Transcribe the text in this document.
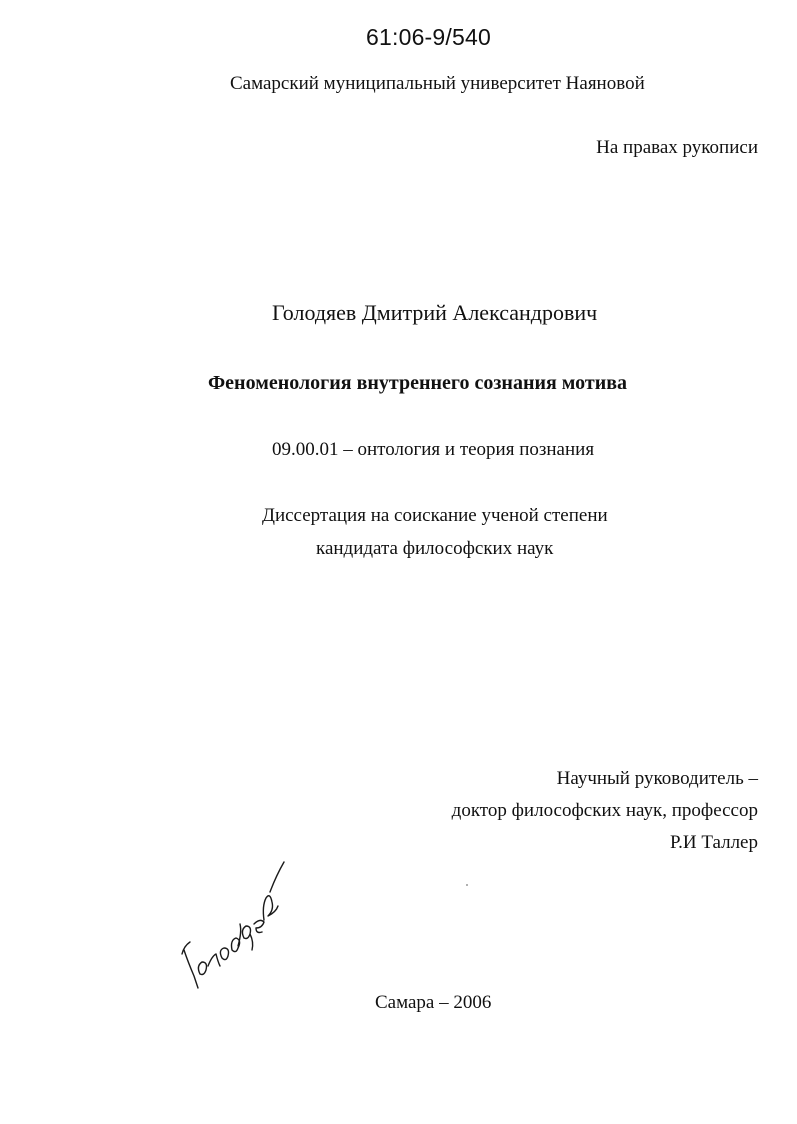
61:06-9/540
Самарский муниципальный университет Наяновой
На правах рукописи
Голодяев Дмитрий Александрович
Феноменология внутреннего сознания мотива
09.00.01 – онтология и теория познания
Диссертация на соискание ученой степени
кандидата философских наук
Научный руководитель –
доктор философских наук, профессор
Р.И Таллер
Самара – 2006
